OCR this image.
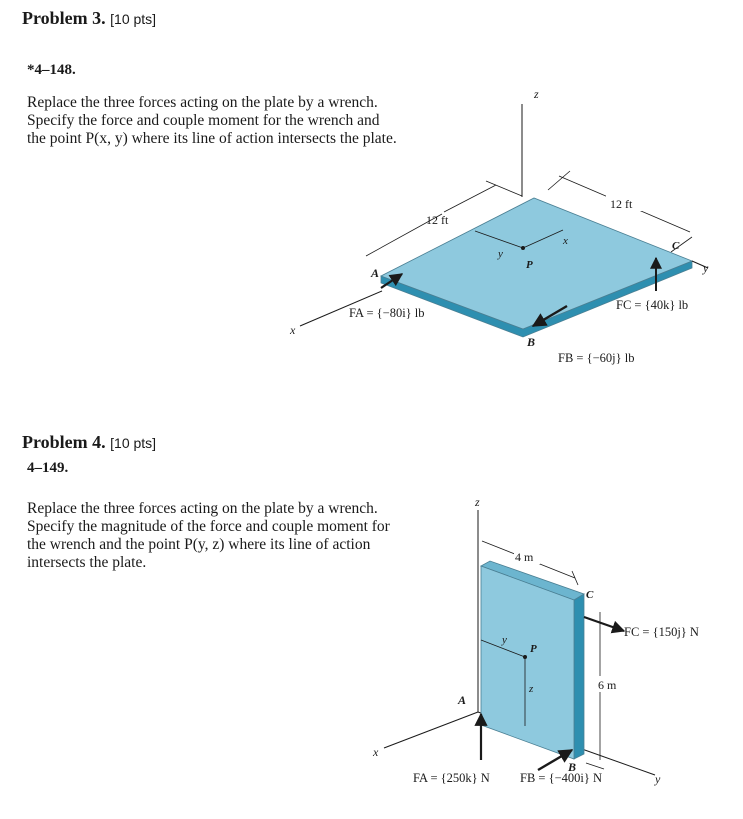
Problem 3. [10 pts]
*4–148.
Replace the three forces acting on the plate by a wrench.
Specify the force and couple moment for the wrench and
the point P(x, y) where its line of action intersects the plate.
z
x
y
y
x
P
12 ft
12 ft
C
A
FA = {−80i} lb
B
FB = {−60j} lb
FC = {40k} lb
Problem 4. [10 pts]
4–149.
Replace the three forces acting on the plate by a wrench.
Specify the magnitude of the force and couple moment for
the wrench and the point P(y, z) where its line of action
intersects the plate.
z
x
y
4 m
y
z
P
C
6 m
FC = {150j} N
A
FA = {250k} N
B
FB = {−400i} N
